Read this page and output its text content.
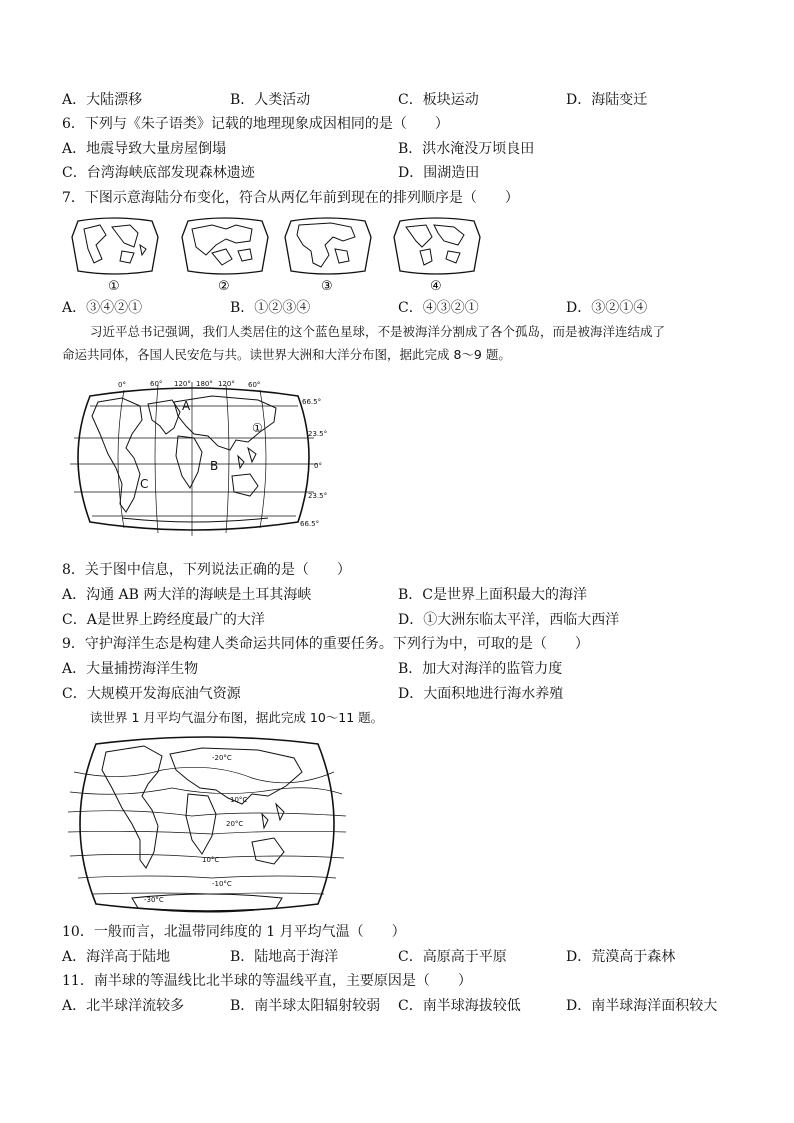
A．大陆漂移	B．人类活动	C．板块运动	D．海陆变迁
6．下列与《朱子语类》记载的地理现象成因相同的是（　　）
A．地震导致大量房屋倒塌	B．洪水淹没万顷良田
C．台湾海峡底部发现森林遗迹	D．围湖造田
7．下图示意海陆分布变化，符合从两亿年前到现在的排列顺序是（　　）
①	②	③	④
A．③④②①	B．①②③④	C．④③②①	D．③②①④
习近平总书记强调，我们人类居住的这个蓝色星球，不是被海洋分割成了各个孤岛，而是被海洋连结成了
命运共同体，各国人民安危与共。读世界大洲和大洋分布图，据此完成 8～9 题。
0°	60° 120° 180° 120° 60°
66.5°
23.5°
0°
23.5°
66.5°
A
B
C
①
8．关于图中信息，下列说法正确的是（　　）
A．沟通 AB 两大洋的海峡是土耳其海峡	B．C是世界上面积最大的海洋
C．A是世界上跨经度最广的大洋	D．①大洲东临太平洋，西临大西洋
9．守护海洋生态是构建人类命运共同体的重要任务。下列行为中，可取的是（　　）
A．大量捕捞海洋生物	B．加大对海洋的监管力度
C．大规模开发海底油气资源	D．大面积地进行海水养殖
读世界 1 月平均气温分布图，据此完成 10～11 题。
-20°C
10°C
20°C
10°C
-10°C
-30°C
10．一般而言，北温带同纬度的 1 月平均气温（　　）
A．海洋高于陆地	B．陆地高于海洋	C．高原高于平原	D．荒漠高于森林
11．南半球的等温线比北半球的等温线平直，主要原因是（　　）
A．北半球洋流较多	B．南半球太阳辐射较弱 C．南半球海拔较低	D．南半球海洋面积较大
